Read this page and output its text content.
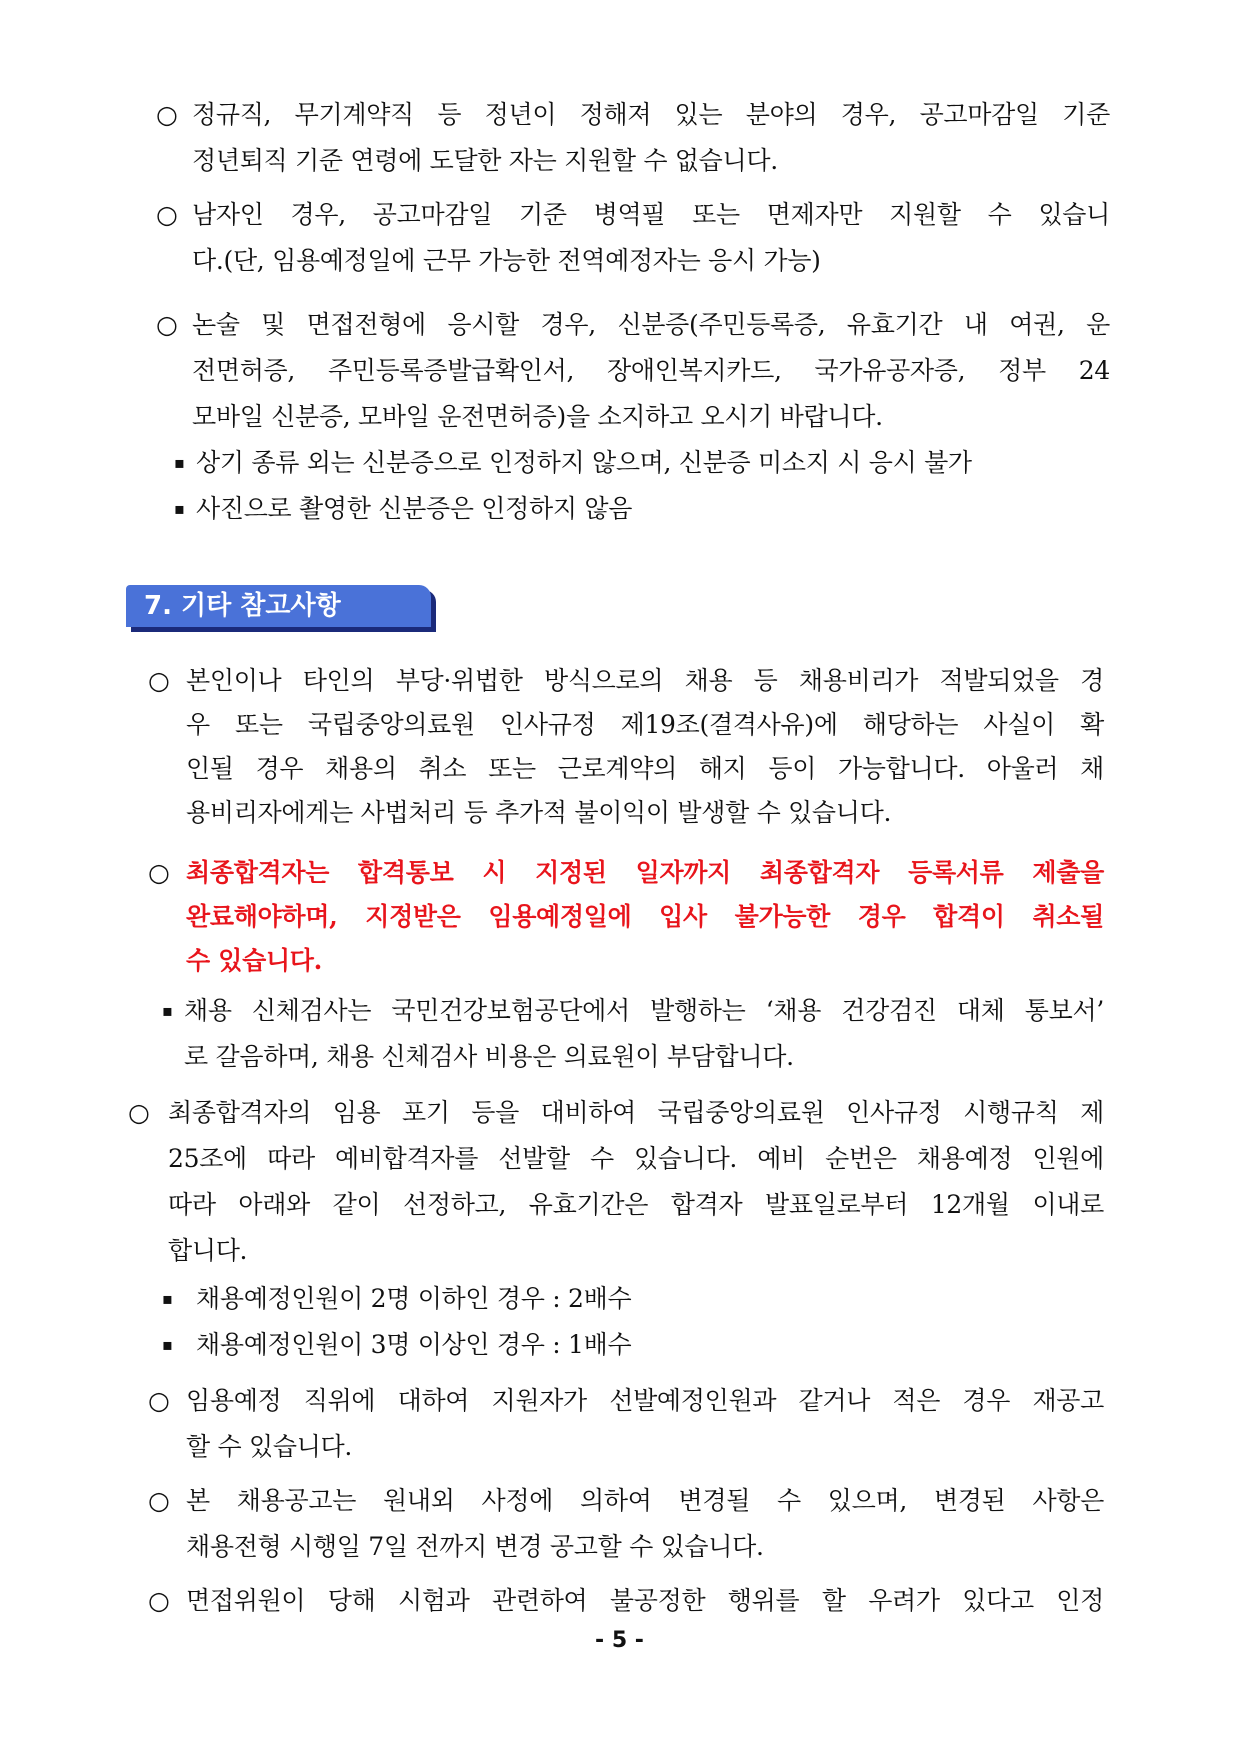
○ 정규직, 무기계약직 등 정년이 정해져 있는 분야의 경우, 공고마감일 기준
정년퇴직 기준 연령에 도달한 자는 지원할 수 없습니다.
○ 남자인 경우, 공고마감일 기준 병역필 또는 면제자만 지원할 수 있습니
다.(단, 임용예정일에 근무 가능한 전역예정자는 응시 가능)
○ 논술 및 면접전형에 응시할 경우, 신분증(주민등록증, 유효기간 내 여권, 운
전면허증, 주민등록증발급확인서, 장애인복지카드, 국가유공자증, 정부 24
모바일 신분증, 모바일 운전면허증)을 소지하고 오시기 바랍니다.
▪ 상기 종류 외는 신분증으로 인정하지 않으며, 신분증 미소지 시 응시 불가
▪ 사진으로 촬영한 신분증은 인정하지 않음
7. 기타 참고사항
○ 본인이나 타인의 부당·위법한 방식으로의 채용 등 채용비리가 적발되었을 경
우 또는 국립중앙의료원 인사규정 제19조(결격사유)에 해당하는 사실이 확
인될 경우 채용의 취소 또는 근로계약의 해지 등이 가능합니다. 아울러 채
용비리자에게는 사법처리 등 추가적 불이익이 발생할 수 있습니다.
○ 최종합격자는 합격통보 시 지정된 일자까지 최종합격자 등록서류 제출을
완료해야하며, 지정받은 임용예정일에 입사 불가능한 경우 합격이 취소될
수 있습니다.
▪ 채용 신체검사는 국민건강보험공단에서 발행하는 ‘채용 건강검진 대체 통보서’
로 갈음하며, 채용 신체검사 비용은 의료원이 부담합니다.
○ 최종합격자의 임용 포기 등을 대비하여 국립중앙의료원 인사규정 시행규칙 제
25조에 따라 예비합격자를 선발할 수 있습니다. 예비 순번은 채용예정 인원에
따라 아래와 같이 선정하고, 유효기간은 합격자 발표일로부터 12개월 이내로
합니다.
▪ 채용예정인원이 2명 이하인 경우 : 2배수
▪ 채용예정인원이 3명 이상인 경우 : 1배수
○ 임용예정 직위에 대하여 지원자가 선발예정인원과 같거나 적은 경우 재공고
할 수 있습니다.
○ 본 채용공고는 원내외 사정에 의하여 변경될 수 있으며, 변경된 사항은
채용전형 시행일 7일 전까지 변경 공고할 수 있습니다.
○ 면접위원이 당해 시험과 관련하여 불공정한 행위를 할 우려가 있다고 인정
- 5 -
